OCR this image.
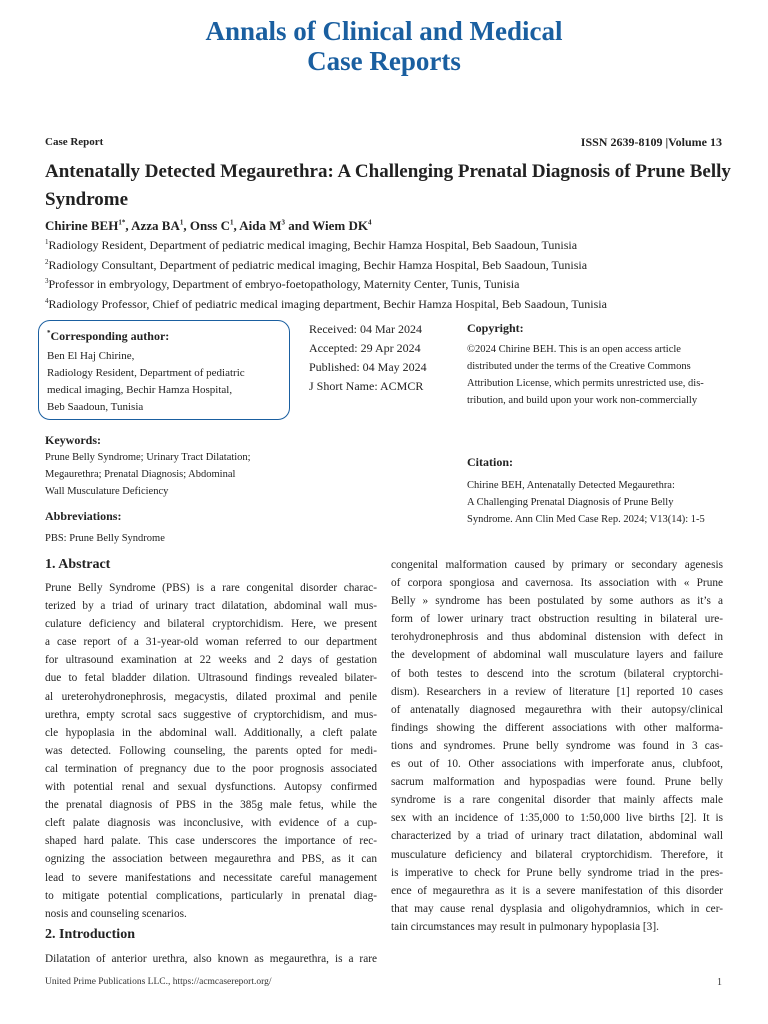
Annals of Clinical and Medical
Case Reports
Case Report	ISSN 2639-8109 |Volume 13
Antenatally Detected Megaurethra: A Challenging Prenatal Diagnosis of Prune Belly
Syndrome
Chirine $BEH^{1*}$, Azza $BA^1$, Onss $C^1$, Aida $M^3$ and Wiem $DK^4$
$^1$Radiology Resident, Department of pediatric medical imaging, Bechir Hamza Hospital, Beb Saadoun, Tunisia
$^2$Radiology Consultant, Department of pediatric medical imaging, Bechir Hamza Hospital, Beb Saadoun, Tunisia
$^3$Professor in embryology, Department of embryo-foetopathology, Maternity Center, Tunis, Tunisia
$^4$Radiology Professor, Chief of pediatric medical imaging department, Bechir Hamza Hospital, Beb Saadoun, Tunisia
*Corresponding author:
Ben El Haj Chirine,
Radiology Resident, Department of pediatric
medical imaging, Bechir Hamza Hospital,
Beb Saadoun, Tunisia
Received: 04 Mar 2024
Accepted: 29 Apr 2024
Published: 04 May 2024
J Short Name: ACMCR
Copyright:
©2024 Chirine BEH. This is an open access article
distributed under the terms of the Creative Commons
Attribution License, which permits unrestricted use, dis-
tribution, and build upon your work non-commercially
Keywords:
Prune Belly Syndrome; Urinary Tract Dilatation;
Megaurethra; Prenatal Diagnosis; Abdominal
Wall Musculature Deficiency
Abbreviations:
PBS: Prune Belly Syndrome
Citation:
Chirine BEH, Antenatally Detected Megaurethra:
A Challenging Prenatal Diagnosis of Prune Belly
Syndrome. Ann Clin Med Case Rep. 2024; V13(14): 1-5
1. Abstract
Prune Belly Syndrome (PBS) is a rare congenital disorder charac-
terized by a triad of urinary tract dilatation, abdominal wall mus-
culature deficiency and bilateral cryptorchidism. Here, we present
a case report of a 31-year-old woman referred to our department
for ultrasound examination at 22 weeks and 2 days of gestation
due to fetal bladder dilation. Ultrasound findings revealed bilater-
al ureterohydronephrosis, megacystis, dilated proximal and penile
urethra, empty scrotal sacs suggestive of cryptorchidism, and mus-
cle hypoplasia in the abdominal wall. Additionally, a cleft palate
was detected. Following counseling, the parents opted for medi-
cal termination of pregnancy due to the poor prognosis associated
with potential renal and sexual dysfunctions. Autopsy confirmed
the prenatal diagnosis of PBS in the 385g male fetus, while the
cleft palate diagnosis was inconclusive, with evidence of a cup-
shaped hard palate. This case underscores the importance of rec-
ognizing the association between megaurethra and PBS, as it can
lead to severe manifestations and necessitate careful management
to mitigate potential complications, particularly in prenatal diag-
nosis and counseling scenarios.
2. Introduction
Dilatation of anterior urethra, also known as megaurethra, is a rare
congenital malformation caused by primary or secondary agenesis
of corpora spongiosa and cavernosa. Its association with « Prune
Belly » syndrome has been postulated by some authors as it’s a
form of lower urinary tract obstruction resulting in bilateral ure-
terohydronephrosis and thus abdominal distension with defect in
the development of abdominal wall musculature layers and failure
of both testes to descend into the scrotum (bilateral cryptorchi-
dism). Researchers in a review of literature [1] reported 10 cases
of antenatally diagnosed megaurethra with their autopsy/clinical
findings showing the different associations with other malforma-
tions and syndromes. Prune belly syndrome was found in 3 cas-
es out of 10. Other associations with imperforate anus, clubfoot,
sacrum malformation and hypospadias were found. Prune belly
syndrome is a rare congenital disorder that mainly affects male
sex with an incidence of 1:35,000 to 1:50,000 live births [2]. It is
characterized by a triad of urinary tract dilatation, abdominal wall
musculature deficiency and bilateral cryptorchidism. Therefore, it
is imperative to check for Prune belly syndrome triad in the pres-
ence of megaurethra as it is a severe manifestation of this disorder
that may cause renal dysplasia and oligohydramnios, which in cer-
tain circumstances may result in pulmonary hypoplasia [3].
United Prime Publications LLC., https://acmcasereport.org/	1
